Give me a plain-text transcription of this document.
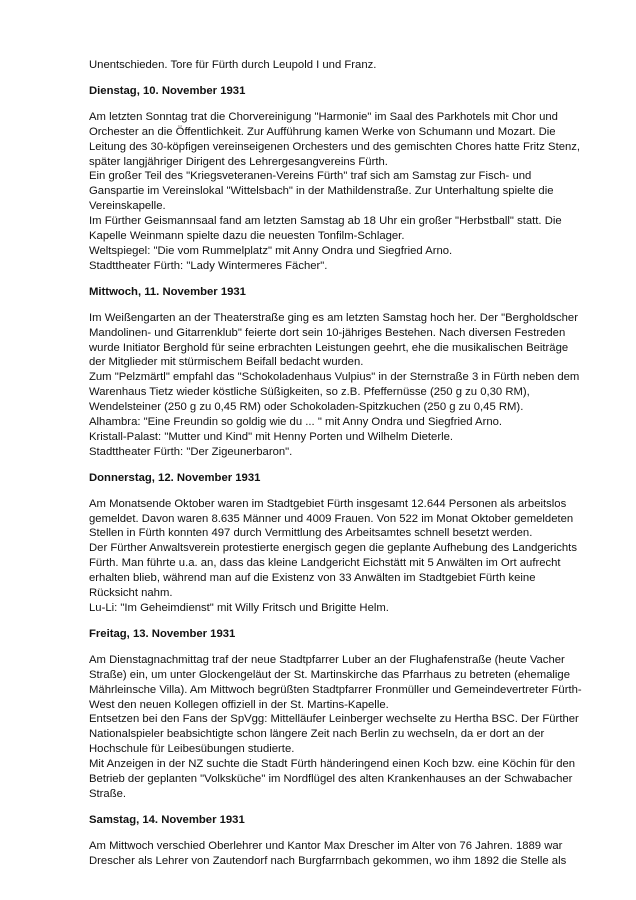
Unentschieden. Tore für Fürth durch Leupold I und Franz.
Dienstag, 10. November 1931
Am letzten Sonntag trat die Chorvereinigung "Harmonie" im Saal des Parkhotels mit Chor und
Orchester an die Öffentlichkeit. Zur Aufführung kamen Werke von Schumann und Mozart. Die
Leitung des 30-köpfigen vereinseigenen Orchesters und des gemischten Chores hatte Fritz Stenz,
später langjähriger Dirigent des Lehrergesangvereins Fürth.
Ein großer Teil des "Kriegsveteranen-Vereins Fürth" traf sich am Samstag zur Fisch- und
Ganspartie im Vereinslokal "Wittelsbach" in der Mathildenstraße. Zur Unterhaltung spielte die
Vereinskapelle.
Im Fürther Geismannsaal fand am letzten Samstag ab 18 Uhr ein großer "Herbstball" statt. Die
Kapelle Weinmann spielte dazu die neuesten Tonfilm-Schlager.
Weltspiegel: "Die vom Rummelplatz" mit Anny Ondra und Siegfried Arno.
Stadttheater Fürth: "Lady Wintermeres Fächer".
Mittwoch, 11. November 1931
Im Weißengarten an der Theaterstraße ging es am letzten Samstag hoch her. Der "Bergholdscher
Mandolinen- und Gitarrenklub" feierte dort sein 10-jähriges Bestehen. Nach diversen Festreden
wurde Initiator Berghold für seine erbrachten Leistungen geehrt, ehe die musikalischen Beiträge
der Mitglieder mit stürmischem Beifall bedacht wurden.
Zum "Pelzmärtl" empfahl das "Schokoladenhaus Vulpius" in der Sternstraße 3 in Fürth neben dem
Warenhaus Tietz wieder köstliche Süßigkeiten, so z.B. Pfeffernüsse (250 g zu 0,30 RM),
Wendelsteiner (250 g zu 0,45 RM) oder Schokoladen-Spitzkuchen (250 g zu 0,45 RM).
Alhambra: "Eine Freundin so goldig wie du ... " mit Anny Ondra und Siegfried Arno.
Kristall-Palast: "Mutter und Kind" mit Henny Porten und Wilhelm Dieterle.
Stadttheater Fürth: "Der Zigeunerbaron".
Donnerstag, 12. November 1931
Am Monatsende Oktober waren im Stadtgebiet Fürth insgesamt 12.644 Personen als arbeitslos
gemeldet. Davon waren 8.635 Männer und 4009 Frauen. Von 522 im Monat Oktober gemeldeten
Stellen in Fürth konnten 497 durch Vermittlung des Arbeitsamtes schnell besetzt werden.
Der Fürther Anwaltsverein protestierte energisch gegen die geplante Aufhebung des Landgerichts
Fürth. Man führte u.a. an, dass das kleine Landgericht Eichstätt mit 5 Anwälten im Ort aufrecht
erhalten blieb, während man auf die Existenz von 33 Anwälten im Stadtgebiet Fürth keine
Rücksicht nahm.
Lu-Li: "Im Geheimdienst" mit Willy Fritsch und Brigitte Helm.
Freitag, 13. November 1931
Am Dienstagnachmittag traf der neue Stadtpfarrer Luber an der Flughafenstraße (heute Vacher
Straße) ein, um unter Glockengeläut der St. Martinskirche das Pfarrhaus zu betreten (ehemalige
Mährleinsche Villa). Am Mittwoch begrüßten Stadtpfarrer Fronmüller und Gemeindevertreter Fürth-
West den neuen Kollegen offiziell in der St. Martins-Kapelle.
Entsetzen bei den Fans der SpVgg: Mittelläufer Leinberger wechselte zu Hertha BSC. Der Fürther
Nationalspieler beabsichtigte schon längere Zeit nach Berlin zu wechseln, da er dort an der
Hochschule für Leibesübungen studierte.
Mit Anzeigen in der NZ suchte die Stadt Fürth händeringend einen Koch bzw. eine Köchin für den
Betrieb der geplanten "Volksküche" im Nordflügel des alten Krankenhauses an der Schwabacher
Straße.
Samstag, 14. November 1931
Am Mittwoch verschied Oberlehrer und Kantor Max Drescher im Alter von 76 Jahren. 1889 war
Drescher als Lehrer von Zautendorf nach Burgfarrnbach gekommen, wo ihm 1892 die Stelle als
